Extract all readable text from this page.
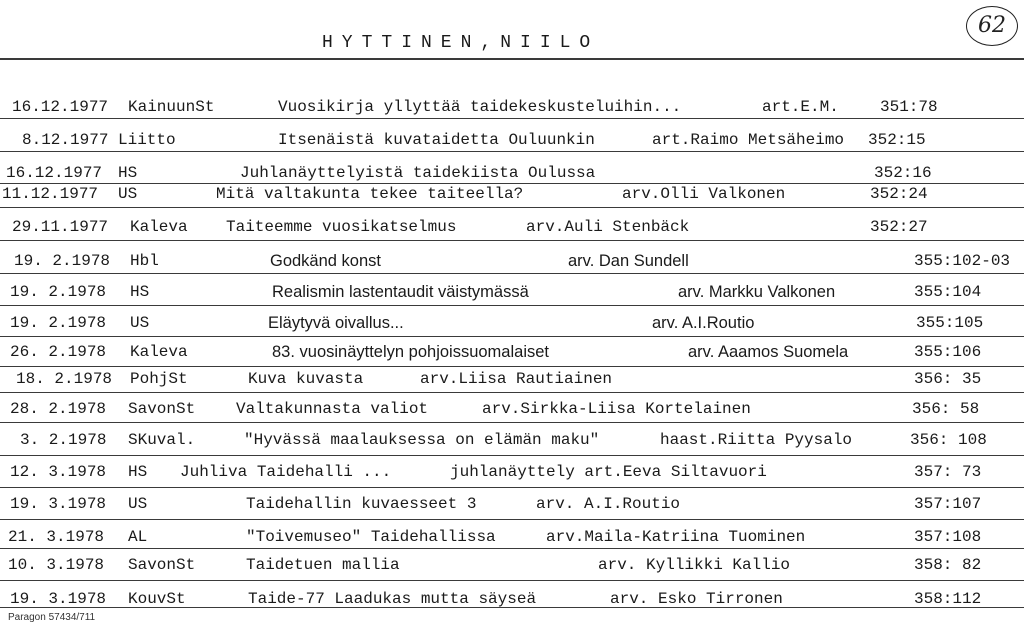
62
HYTTINEN,NIILO
16.12.1977 KainuunSt	Vuosikirja yllyttää taidekeskusteluihin...	art.E.M.	351:78
8.12.1977 Liitto	Itsenäistä kuvataidetta Ouluunkin	art.Raimo Metsäheimo 352:15
16.12.1977 HS	Juhlanäyttelyistä taidekiista Oulussa	352:16
11.12.1977 US	Mitä valtakunta tekee taiteella?	arv.Olli Valkonen	352:24
29.11.1977 Kaleva Taiteemme vuosikatselmus	arv.Auli Stenbäck	352:27
19. 2.1978 Hbl	Godkänd konst	arv. Dan Sundell	355:102-03
19. 2.1978 HS	Realismin lastentaudit väistymässä	arv. Markku Valkonen	355:104
19. 2.1978 US	Eläytyvä oivallus...	arv. A.I.Routio	355:105
26. 2.1978 Kaleva	83. vuosinäyttelyn pohjoissuomalaiset	arv. Aaamos Suomela	355:106
18. 2.1978 PohjSt	Kuva kuvasta	arv.Liisa Rautiainen	356: 35
28. 2.1978 SavonSt	Valtakunnasta valiot	arv.Sirkka-Liisa Kortelainen	356: 58
3. 2.1978 SKuval.	"Hyvässä maalauksessa on elämän maku"	haast.Riitta Pyysalo	356: 108
12. 3.1978 HS Juhliva Taidehalli ...	juhlanäyttely art.Eeva Siltavuori	357: 73
19. 3.1978 US	Taidehallin kuvaesseet 3	arv. A.I.Routio	357:107
21. 3.1978 AL	"Toivemuseo" Taidehallissa	arv.Maila-Katriina Tuominen	357:108
10. 3.1978 SavonSt	Taidetuen mallia	arv. Kyllikki Kallio	358: 82
19. 3.1978 KouvSt	Taide-77 Laadukas mutta säyseä	arv. Esko Tirronen	358:112
Paragon 57434/711
